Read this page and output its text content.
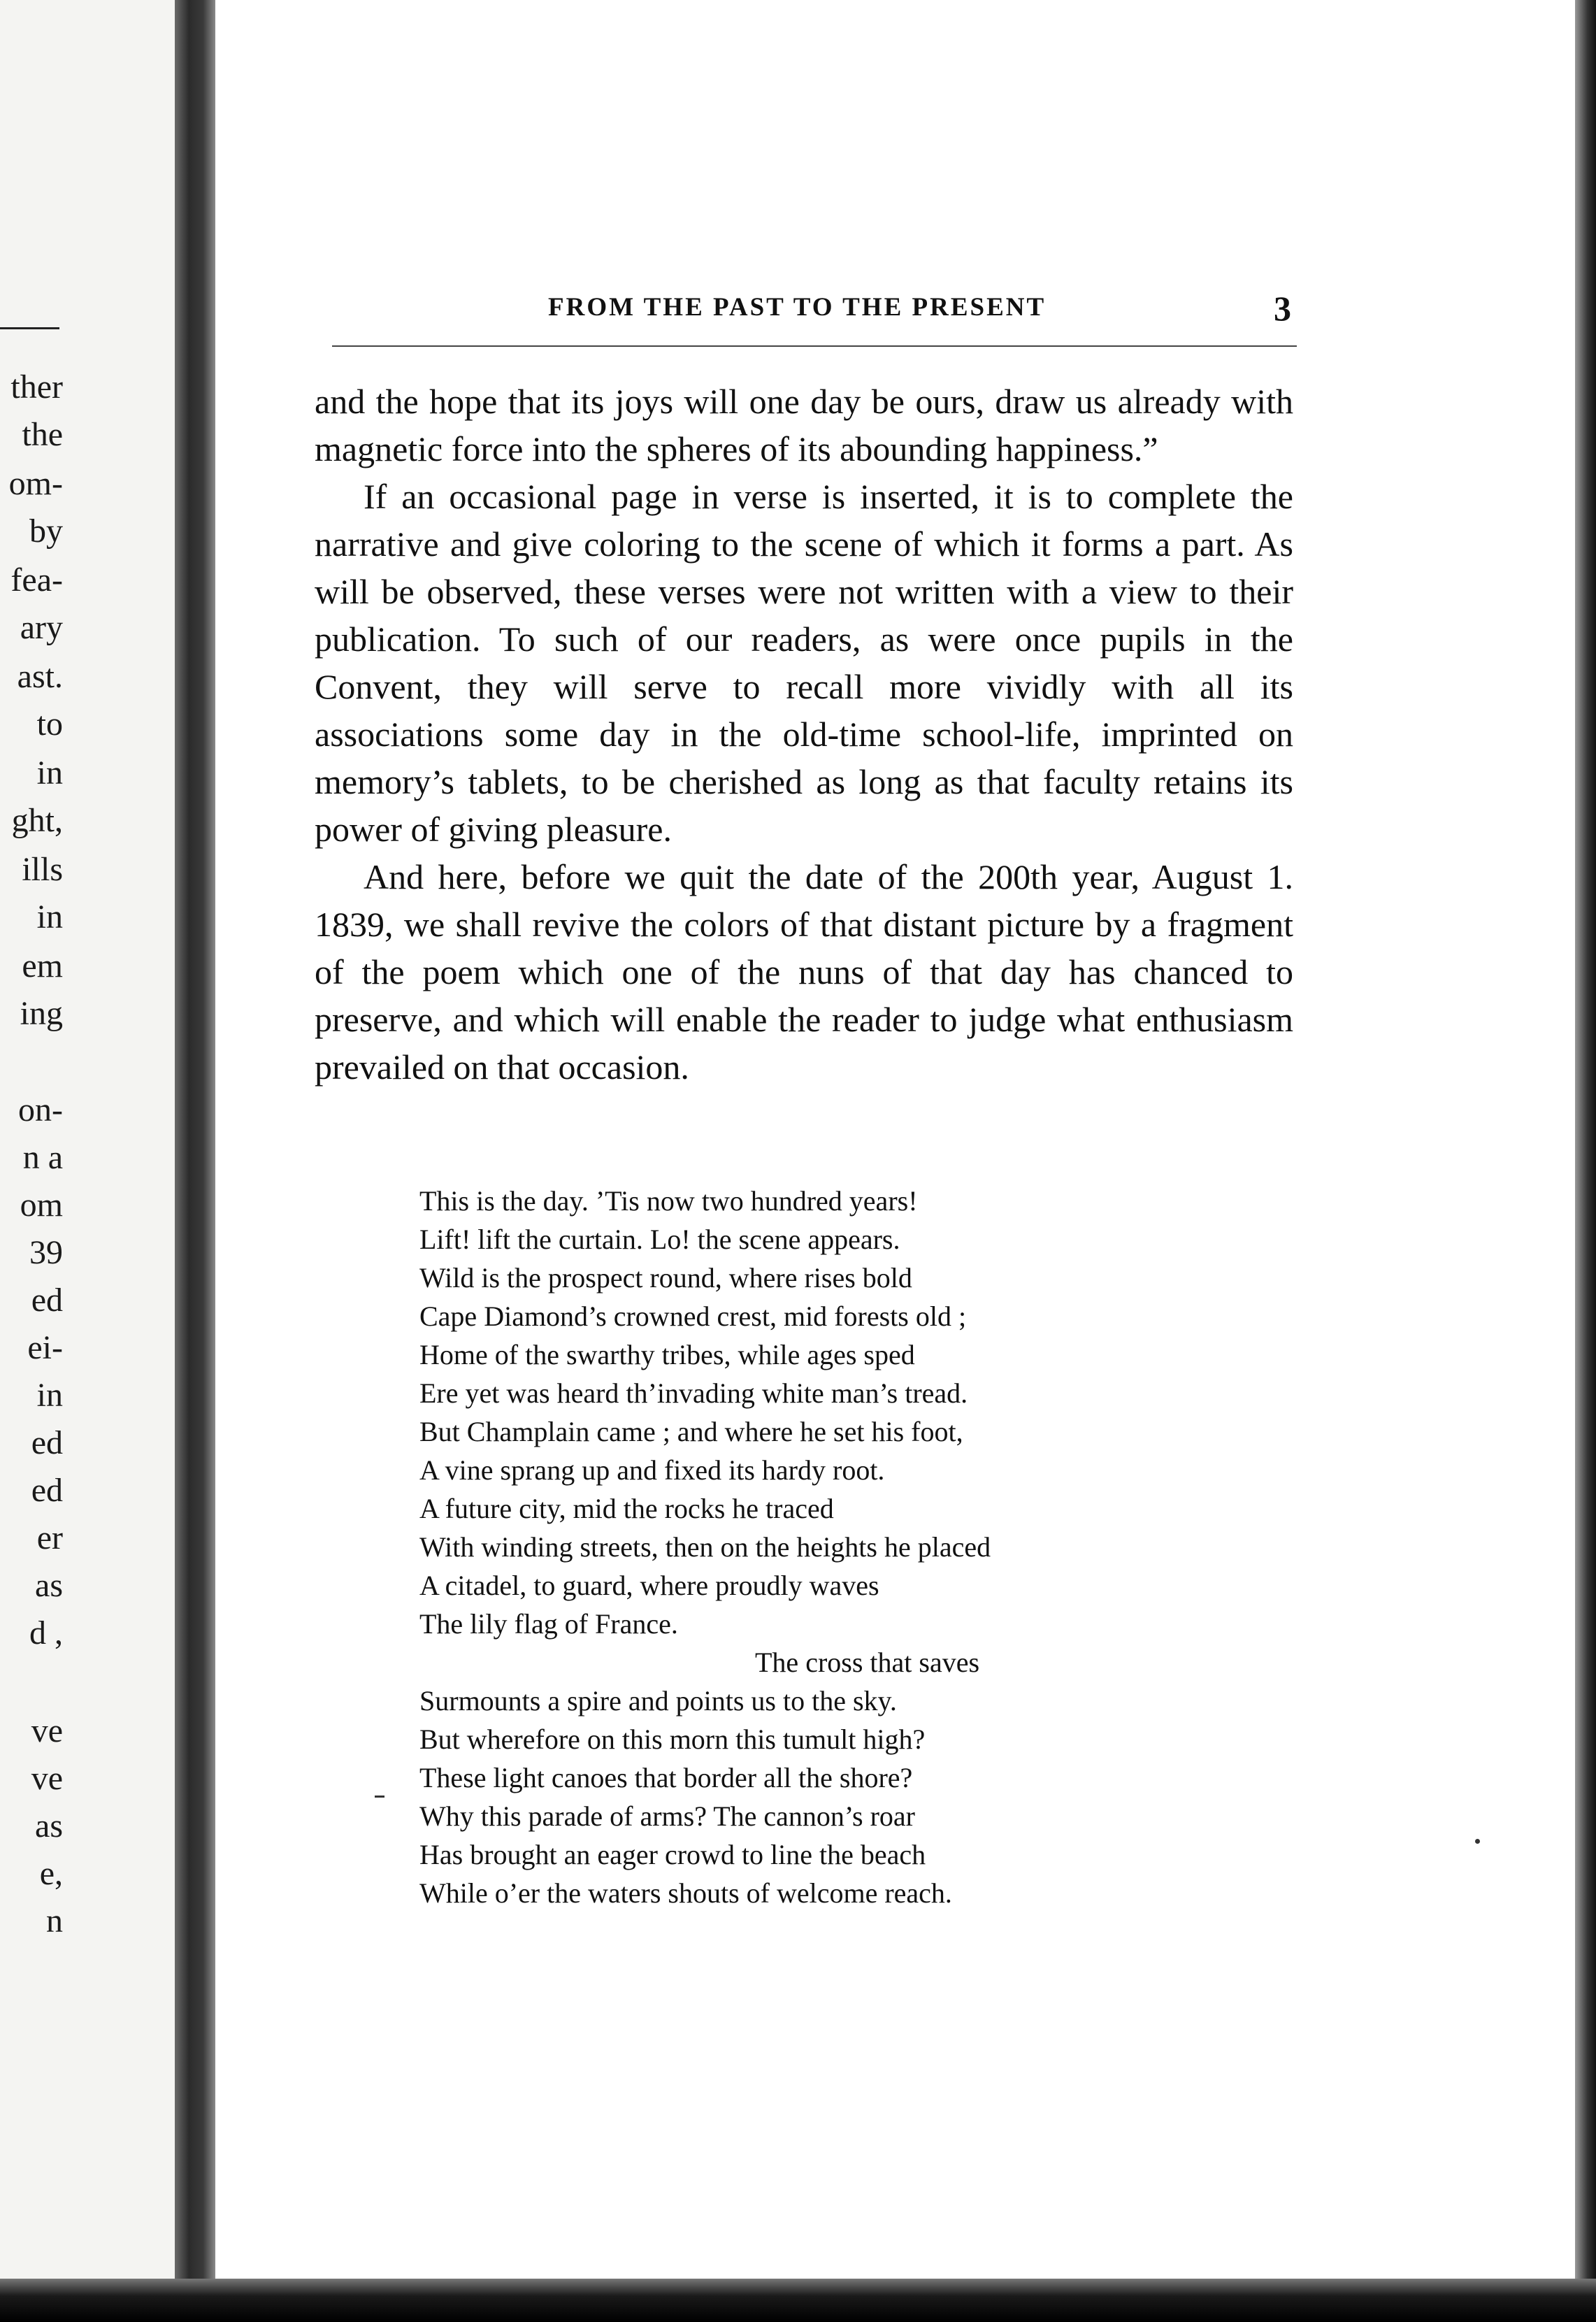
ther
the
om-
by
fea-
ary
ast.
to
in
ght,
ills
in
em
ing
on-
n a
om
39
ed
ei-
in
ed
ed
er
as
d ,
ve
ve
as
e,
n
FROM THE PAST TO THE PRESENT	3

and the hope that its joys will one day be ours, draw us already with magnetic force into the spheres of its abounding happiness.”

If an occasional page in verse is inserted, it is to complete the narrative and give coloring to the scene of which it forms a part. As will be observed, these verses were not written with a view to their publication. To such of our readers, as were once pupils in the Convent, they will serve to recall more vividly with all its associations some day in the old-time school-life, imprinted on memory’s tablets, to be cherished as long as that faculty retains its power of giving pleasure.

And here, before we quit the date of the 200th year, August 1. 1839, we shall revive the colors of that distant picture by a fragment of the poem which one of the nuns of that day has chanced to preserve, and which will enable the reader to judge what enthusiasm prevailed on that occasion.

This is the day. ’Tis now two hundred years!
Lift! lift the curtain. Lo! the scene appears.
Wild is the prospect round, where rises bold
Cape Diamond’s crowned crest, mid forests old ;
Home of the swarthy tribes, while ages sped
Ere yet was heard th’invading white man’s tread.
But Champlain came ; and where he set his foot,
A vine sprang up and fixed its hardy root.
A future city, mid the rocks he traced
With winding streets, then on the heights he placed
A citadel, to guard, where proudly waves
The lily flag of France.
The cross that saves
Surmounts a spire and points us to the sky.
But wherefore on this morn this tumult high?
These light canoes that border all the shore?
Why this parade of arms? The cannon’s roar
Has brought an eager crowd to line the beach
While o’er the waters shouts of welcome reach.
